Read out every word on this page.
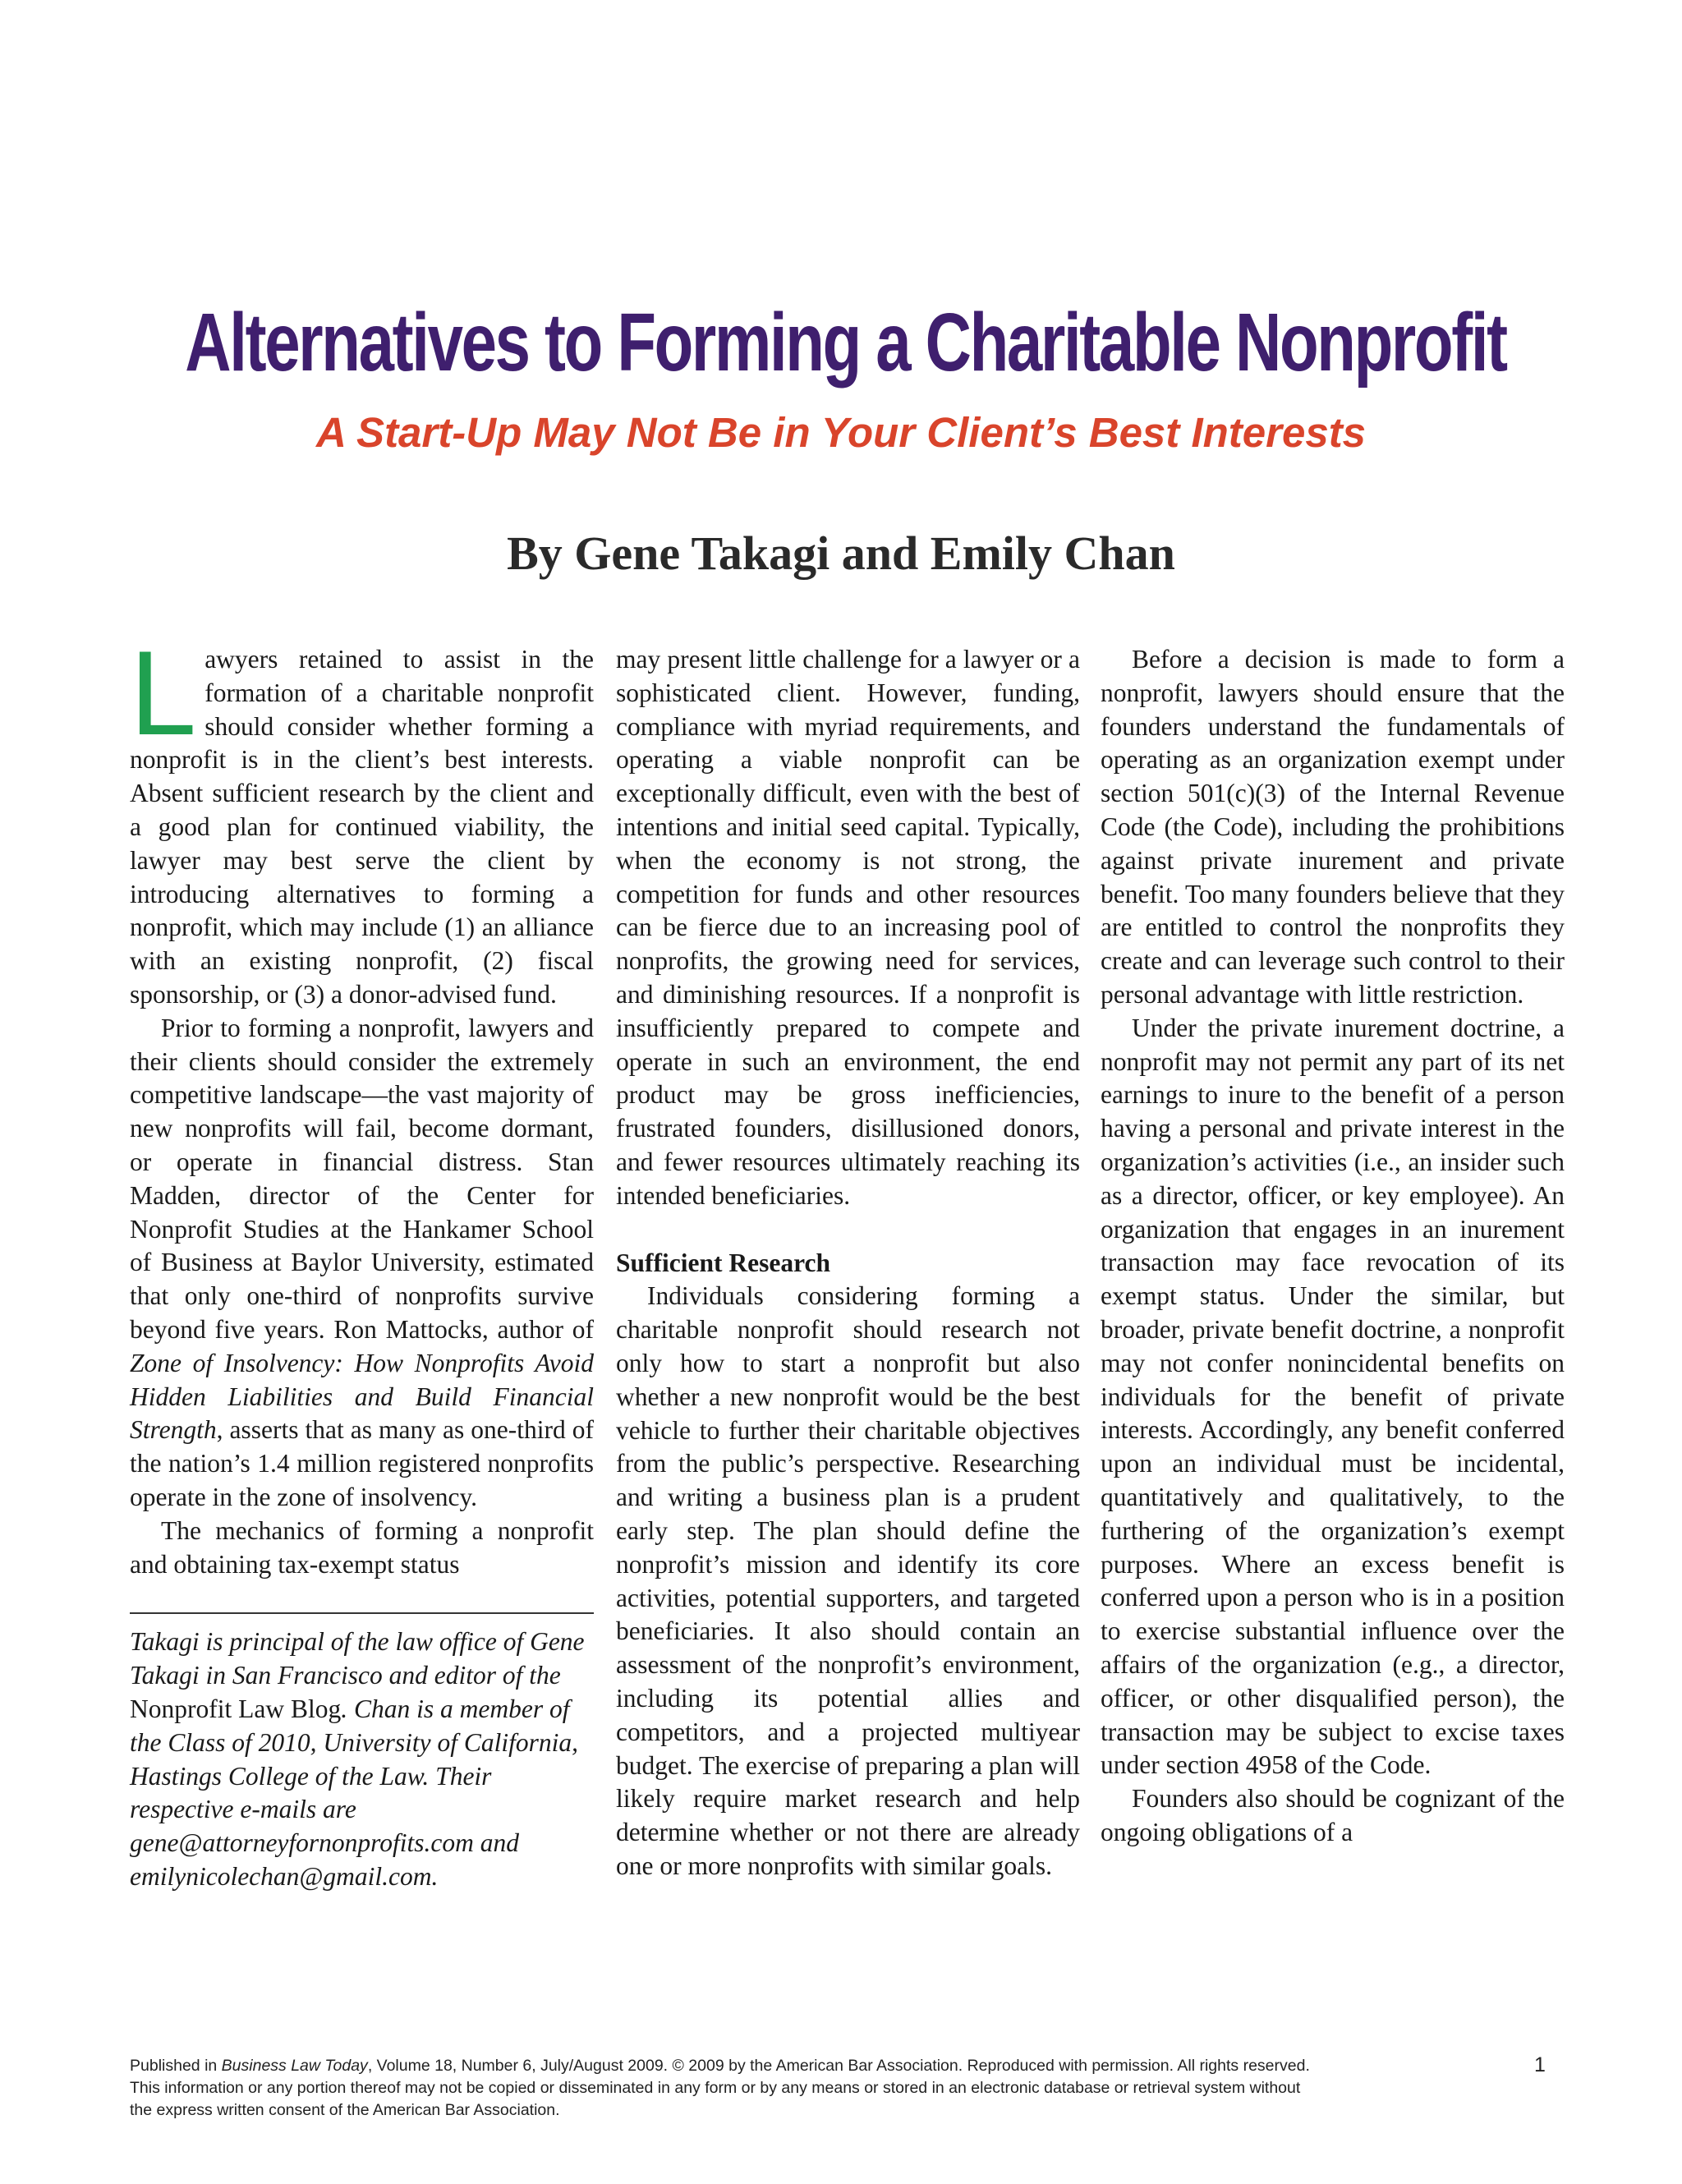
Alternatives to Forming a Charitable Nonprofit
A Start-Up May Not Be in Your Client’s Best Interests
By Gene Takagi and Emily Chan

Lawyers retained to assist in the formation of a charitable nonprofit should consider whether forming a nonprofit is in the client’s best interests. Absent sufficient research by the client and a good plan for continued viability, the lawyer may best serve the client by introducing alternatives to forming a nonprofit, which may include (1) an alliance with an existing nonprofit, (2) fiscal sponsorship, or (3) a donor-advised fund.

Prior to forming a nonprofit, lawyers and their clients should consider the extremely competitive landscape—the vast majority of new nonprofits will fail, become dormant, or operate in financial distress. Stan Madden, director of the Center for Nonprofit Studies at the Hankamer School of Business at Baylor University, estimated that only one-third of nonprofits survive beyond five years. Ron Mattocks, author of Zone of Insolvency: How Nonprofits Avoid Hidden Liabilities and Build Financial Strength, asserts that as many as one-third of the nation’s 1.4 million registered nonprofits operate in the zone of insolvency.

The mechanics of forming a nonprofit and obtaining tax-exempt status

Takagi is principal of the law office of Gene Takagi in San Francisco and editor of the Nonprofit Law Blog. Chan is a member of the Class of 2010, University of California, Hastings College of the Law. Their respective e-mails are gene@attorneyfornonprofits.com and emilynicolechan@gmail.com.

may present little challenge for a lawyer or a sophisticated client. However, funding, compliance with myriad requirements, and operating a viable nonprofit can be exceptionally difficult, even with the best of intentions and initial seed capital. Typically, when the economy is not strong, the competition for funds and other resources can be fierce due to an increasing pool of nonprofits, the growing need for services, and diminishing resources. If a nonprofit is insufficiently prepared to compete and operate in such an environment, the end product may be gross inefficiencies, frustrated founders, disillusioned donors, and fewer resources ultimately reaching its intended beneficiaries.

Sufficient Research

Individuals considering forming a charitable nonprofit should research not only how to start a nonprofit but also whether a new nonprofit would be the best vehicle to further their charitable objectives from the public’s perspective. Researching and writing a business plan is a prudent early step. The plan should define the nonprofit’s mission and identify its core activities, potential supporters, and targeted beneficiaries. It also should contain an assessment of the nonprofit’s environment, including its potential allies and competitors, and a projected multiyear budget. The exercise of preparing a plan will likely require market research and help determine whether or not there are already one or more nonprofits with similar goals.

Before a decision is made to form a nonprofit, lawyers should ensure that the founders understand the fundamentals of operating as an organization exempt under section 501(c)(3) of the Internal Revenue Code (the Code), including the prohibitions against private inurement and private benefit. Too many founders believe that they are entitled to control the nonprofits they create and can leverage such control to their personal advantage with little restriction.

Under the private inurement doctrine, a nonprofit may not permit any part of its net earnings to inure to the benefit of a person having a personal and private interest in the organization’s activities (i.e., an insider such as a director, officer, or key employee). An organization that engages in an inurement transaction may face revocation of its exempt status. Under the similar, but broader, private benefit doctrine, a nonprofit may not confer nonincidental benefits on individuals for the benefit of private interests. Accordingly, any benefit conferred upon an individual must be incidental, quantitatively and qualitatively, to the furthering of the organization’s exempt purposes. Where an excess benefit is conferred upon a person who is in a position to exercise substantial influence over the affairs of the organization (e.g., a director, officer, or other disqualified person), the transaction may be subject to excise taxes under section 4958 of the Code.

Founders also should be cognizant of the ongoing obligations of a

Published in Business Law Today, Volume 18, Number 6, July/August 2009. © 2009 by the American Bar Association. Reproduced with permission. All rights reserved.

This information or any portion thereof may not be copied or disseminated in any form or by any means or stored in an electronic database or retrieval system without

the express written consent of the American Bar Association.

1
